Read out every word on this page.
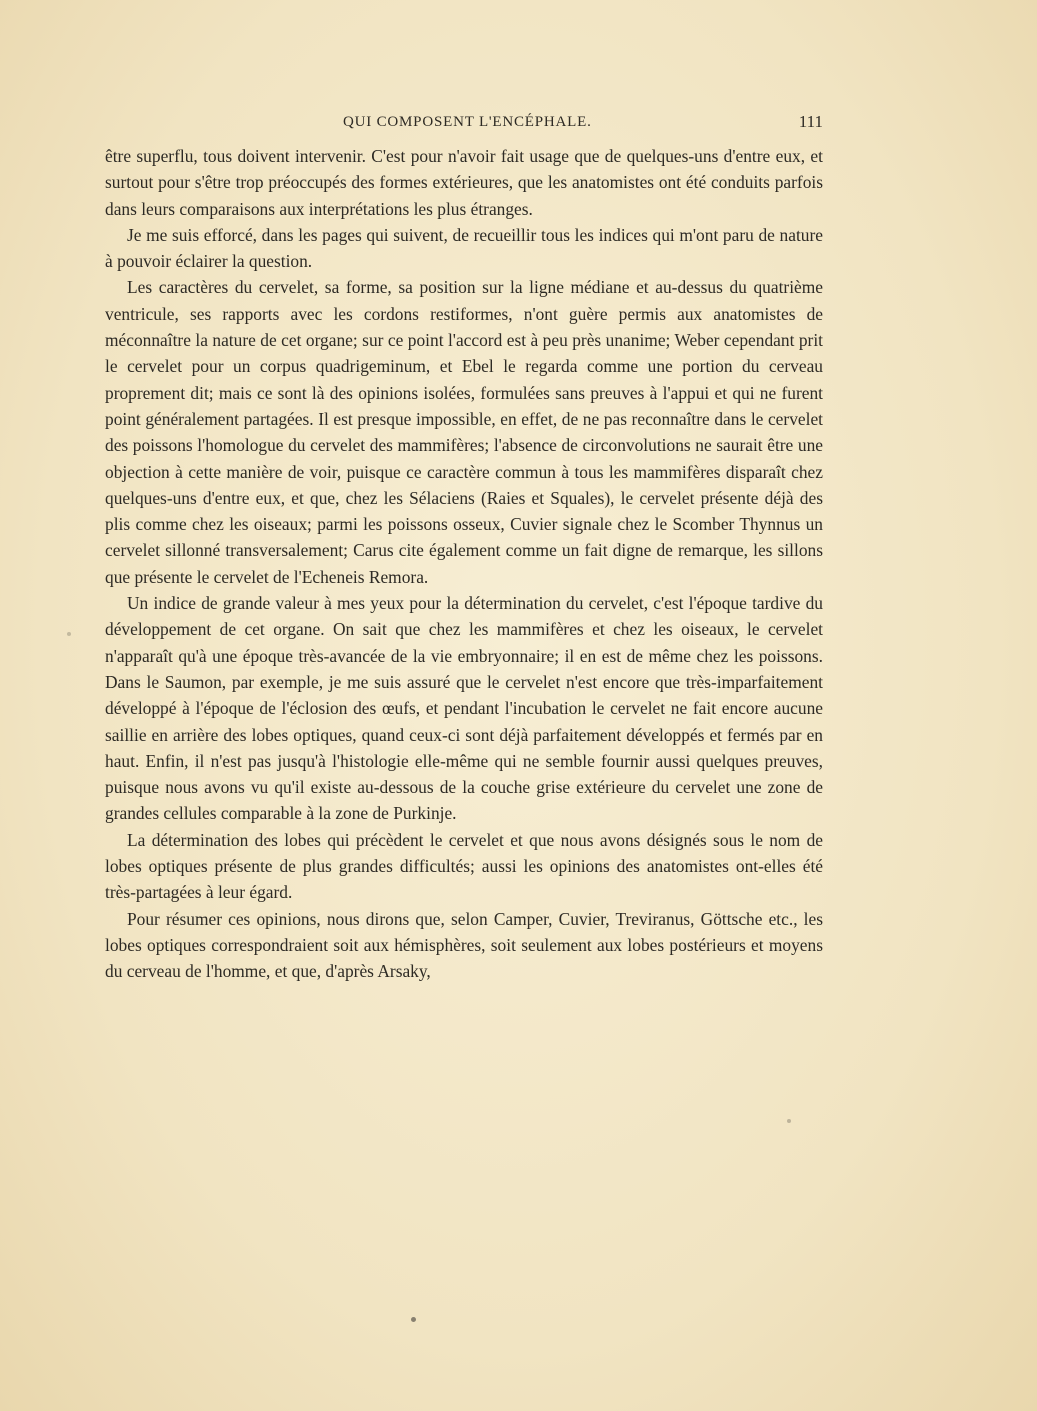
QUI COMPOSENT L'ENCÉPHALE.	111

être superflu, tous doivent intervenir. C'est pour n'avoir fait usage que de quelques-uns d'entre eux, et surtout pour s'être trop préoccupés des formes extérieures, que les anatomistes ont été conduits parfois dans leurs comparaisons aux interprétations les plus étranges.

Je me suis efforcé, dans les pages qui suivent, de recueillir tous les indices qui m'ont paru de nature à pouvoir éclairer la question.

Les caractères du cervelet, sa forme, sa position sur la ligne médiane et au-dessus du quatrième ventricule, ses rapports avec les cordons restiformes, n'ont guère permis aux anatomistes de méconnaître la nature de cet organe; sur ce point l'accord est à peu près unanime; Weber cependant prit le cervelet pour un corpus quadrigeminum, et Ebel le regarda comme une portion du cerveau proprement dit; mais ce sont là des opinions isolées, formulées sans preuves à l'appui et qui ne furent point généralement partagées. Il est presque impossible, en effet, de ne pas reconnaître dans le cervelet des poissons l'homologue du cervelet des mammifères; l'absence de circonvolutions ne saurait être une objection à cette manière de voir, puisque ce caractère commun à tous les mammifères disparaît chez quelques-uns d'entre eux, et que, chez les Sélaciens (Raies et Squales), le cervelet présente déjà des plis comme chez les oiseaux; parmi les poissons osseux, Cuvier signale chez le Scomber Thynnus un cervelet sillonné transversalement; Carus cite également comme un fait digne de remarque, les sillons que présente le cervelet de l'Echeneis Remora.

Un indice de grande valeur à mes yeux pour la détermination du cervelet, c'est l'époque tardive du développement de cet organe. On sait que chez les mammifères et chez les oiseaux, le cervelet n'apparaît qu'à une époque très-avancée de la vie embryonnaire; il en est de même chez les poissons. Dans le Saumon, par exemple, je me suis assuré que le cervelet n'est encore que très-imparfaitement développé à l'époque de l'éclosion des œufs, et pendant l'incubation le cervelet ne fait encore aucune saillie en arrière des lobes optiques, quand ceux-ci sont déjà parfaitement développés et fermés par en haut. Enfin, il n'est pas jusqu'à l'histologie elle-même qui ne semble fournir aussi quelques preuves, puisque nous avons vu qu'il existe au-dessous de la couche grise extérieure du cervelet une zone de grandes cellules comparable à la zone de Purkinje.

La détermination des lobes qui précèdent le cervelet et que nous avons désignés sous le nom de lobes optiques présente de plus grandes difficultés; aussi les opinions des anatomistes ont-elles été très-partagées à leur égard.

Pour résumer ces opinions, nous dirons que, selon Camper, Cuvier, Treviranus, Göttsche etc., les lobes optiques correspondraient soit aux hémisphères, soit seulement aux lobes postérieurs et moyens du cerveau de l'homme, et que, d'après Arsaky,
